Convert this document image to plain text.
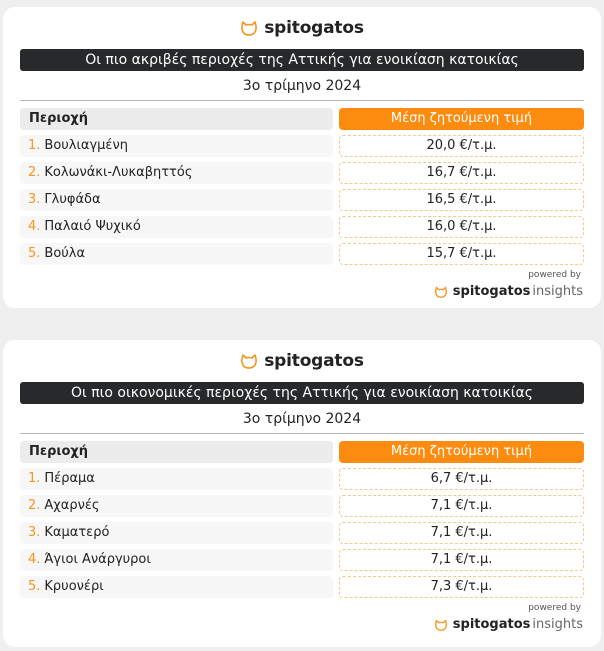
spitogatos
Οι πιο ακριβές περιοχές της Αττικής για ενοικίαση κατοικίας
3ο τρίμηνο 2024
Περιοχή	Μέση ζητούμενη τιμή
1. Βουλιαγμένη	20,0 €/τ.μ.
2. Κολωνάκι-Λυκαβηττός	16,7 €/τ.μ.
3. Γλυφάδα	16,5 €/τ.μ.
4. Παλαιό Ψυχικό	16,0 €/τ.μ.
5. Βούλα	15,7 €/τ.μ.
powered by
spitogatos insights
spitogatos
Οι πιο οικονομικές περιοχές της Αττικής για ενοικίαση κατοικίας
3ο τρίμηνο 2024
Περιοχή	Μέση ζητούμενη τιμή
1. Πέραμα	6,7 €/τ.μ.
2. Αχαρνές	7,1 €/τ.μ.
3. Καματερό	7,1 €/τ.μ.
4. Άγιοι Ανάργυροι	7,1 €/τ.μ.
5. Κρυονέρι	7,3 €/τ.μ.
powered by
spitogatos insights
